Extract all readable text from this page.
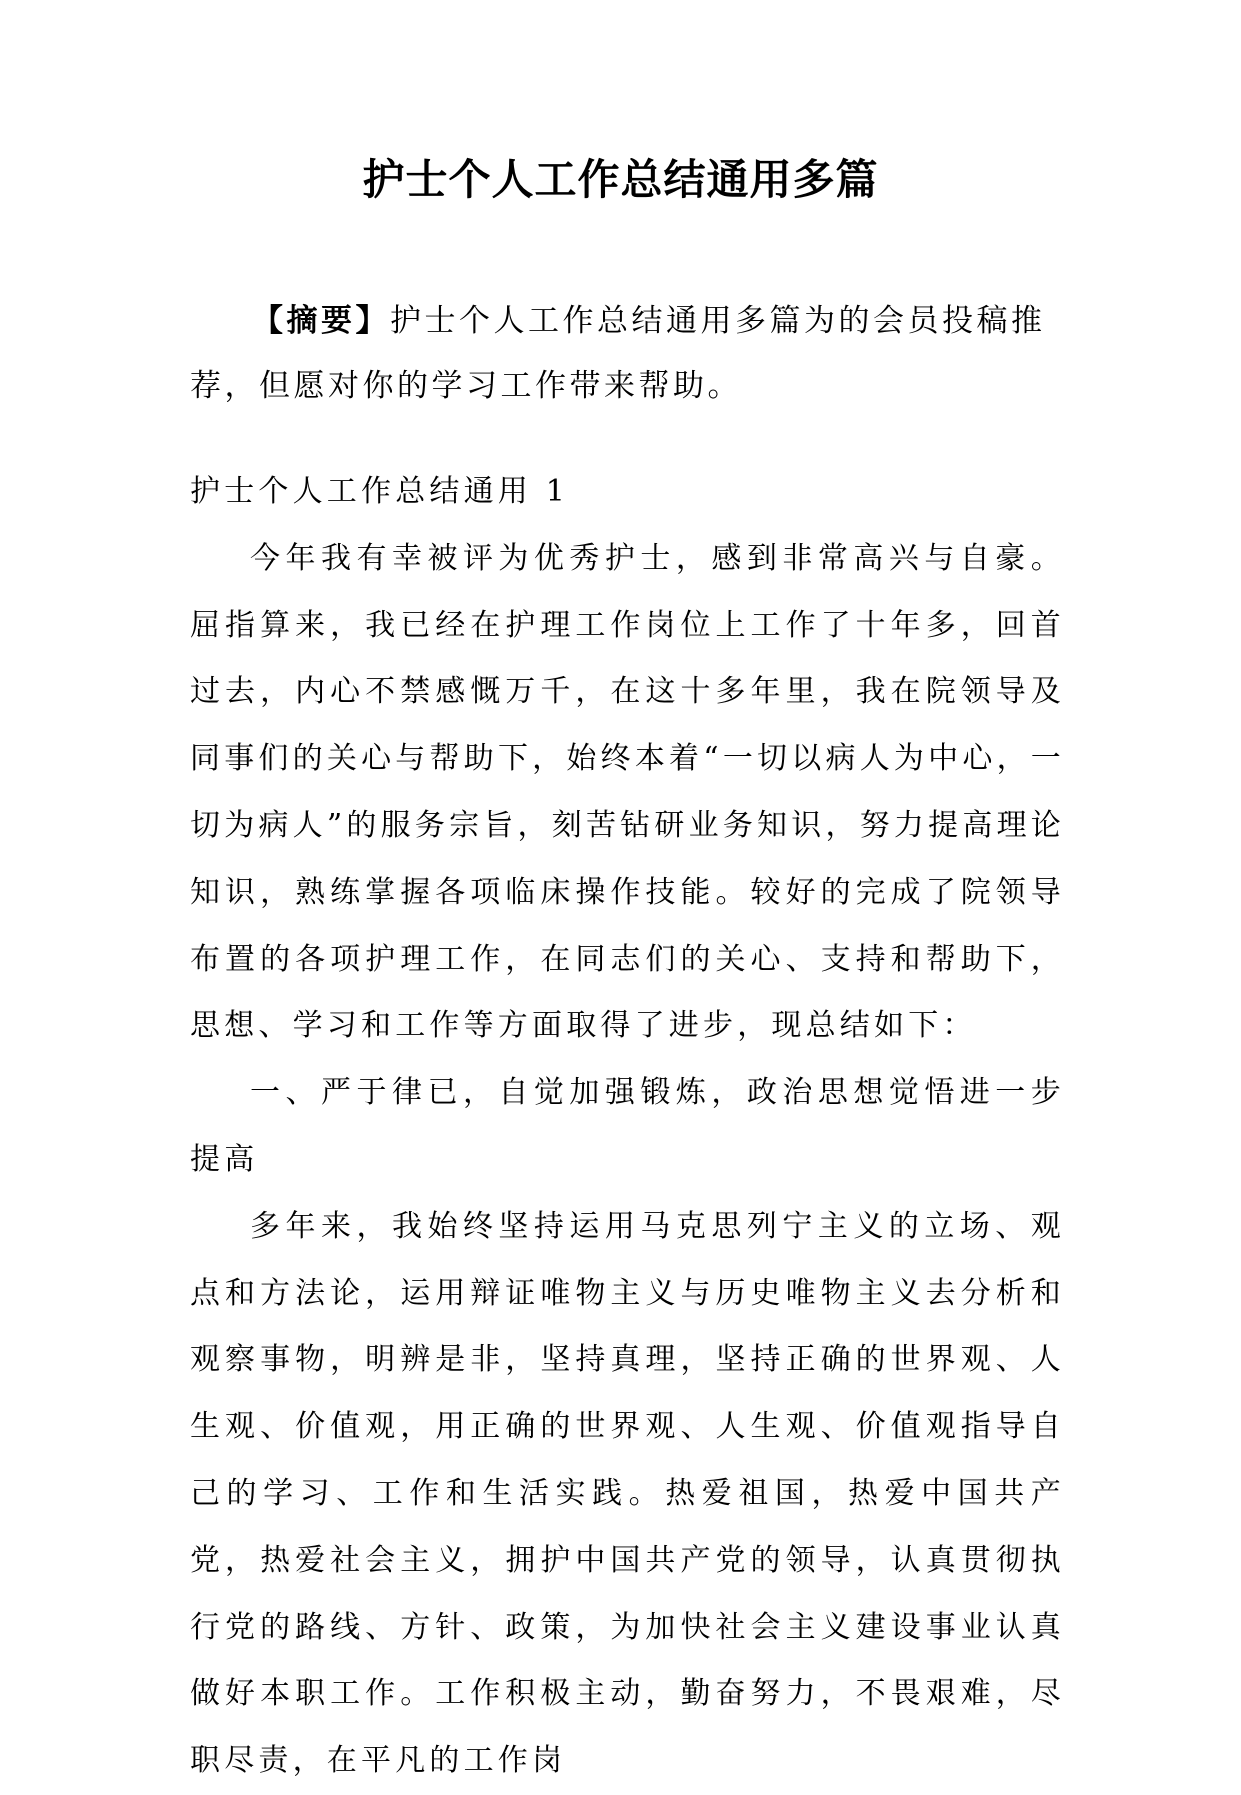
护士个人工作总结通用多篇
【摘要】护士个人工作总结通用多篇为的会员投稿推荐，但愿对你的学习工作带来帮助。

护士个人工作总结通用 1

今年我有幸被评为优秀护士，感到非常高兴与自豪。屈指算来，我已经在护理工作岗位上工作了十年多，回首过去，内心不禁感慨万千，在这十多年里，我在院领导及同事们的关心与帮助下，始终本着“一切以病人为中心，一切为病人”的服务宗旨，刻苦钻研业务知识，努力提高理论知识，熟练掌握各项临床操作技能。较好的完成了院领导布置的各项护理工作，在同志们的关心、支持和帮助下，思想、学习和工作等方面取得了进步，现总结如下：

一、严于律已，自觉加强锻炼，政治思想觉悟进一步提高

多年来，我始终坚持运用马克思列宁主义的立场、观点和方法论，运用辩证唯物主义与历史唯物主义去分析和观察事物，明辨是非，坚持真理，坚持正确的世界观、人生观、价值观，用正确的世界观、人生观、价值观指导自己的学习、工作和生活实践。热爱祖国，热爱中国共产党，热爱社会主义，拥护中国共产党的领导，认真贯彻执行党的路线、方针、政策，为加快社会主义建设事业认真做好本职工作。工作积极主动，勤奋努力，不畏艰难，尽职尽责，在平凡的工作岗
